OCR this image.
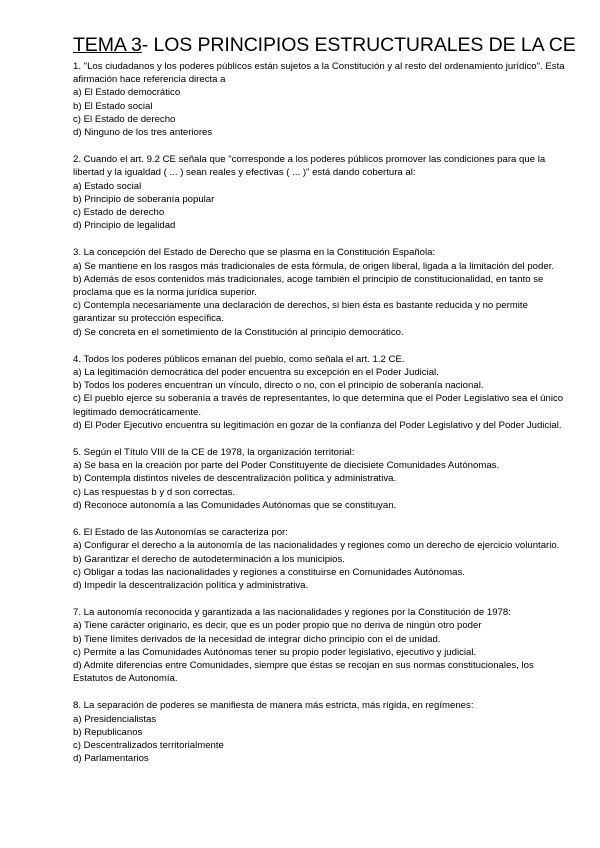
TEMA 3- LOS PRINCIPIOS ESTRUCTURALES DE LA CE

1. "Los ciudadanos y los poderes públicos están sujetos a la Constitución y al resto del ordenamiento jurídico". Esta afirmación hace referencia directa a

a) El Estado democrático

b) El Estado social

c) El Estado de derecho

d) Ninguno de los tres anteriores

2. Cuando el art. 9.2 CE señala que "corresponde a los poderes públicos promover las condiciones para que la libertad y la igualdad ( ... ) sean reales y efectivas ( ... )" está dando cobertura al:

a) Estado social

b) Principio de soberanía popular

c) Estado de derecho

d) Principio de legalidad

3. La concepción del Estado de Derecho que se plasma en la Constitución Española:

a) Se mantiene en los rasgos más tradicionales de esta fórmula, de origen liberal, ligada a la limitación del poder.

b) Además de esos contenidos más tradicionales, acoge también el principio de constitucionalidad, en tanto se proclama que es la norma jurídica superior.

c) Contempla necesariamente una declaración de derechos, si bien ésta es bastante reducida y no permite garantizar su protección específica.

d) Se concreta en el sometimiento de la Constitución al principio democrático.

4. Todos los poderes públicos emanan del pueblo, como señala el art. 1.2 CE.

a) La legitimación democrática del poder encuentra su excepción en el Poder Judicial.

b) Todos los poderes encuentran un vínculo, directo o no, con el principio de soberanía nacional.

c) El pueblo ejerce su soberanía a través de representantes, lo que determina que el Poder Legislativo sea el único legitimado democráticamente.

d) El Poder Ejecutivo encuentra su legitimación en gozar de la confianza del Poder Legislativo y del Poder Judicial.

5. Según el Título VIII de la CE de 1978, la organización territorial:

a) Se basa en la creación por parte del Poder Constituyente de diecisiete Comunidades Autónomas.

b) Contempla distintos niveles de descentralización política y administrativa.

c) Las respuestas b y d son correctas.

d) Reconoce autonomía a las Comunidades Autónomas que se constituyan.

6. El Estado de las Autonomías se caracteriza por:

a) Configurar el derecho a la autonomía de las nacionalidades y regiones como un derecho de ejercicio voluntario.

b) Garantizar el derecho de autodeterminación a los municipios.

c) Obligar a todas las nacionalidades y regiones a constituirse en Comunidades Autónomas.

d) Impedir la descentralización política y administrativa.

7. La autonomía reconocida y garantizada a las nacionalidades y regiones por la Constitución de 1978:

a) Tiene carácter originario, es decir, que es un poder propio que no deriva de ningún otro poder

b) Tiene límites derivados de la necesidad de integrar dicho principio con el de unidad.

c) Permite a las Comunidades Autónomas tener su propio poder legislativo, ejecutivo y judicial.

d) Admite diferencias entre Comunidades, siempre que éstas se recojan en sus normas constitucionales, los Estatutos de Autonomía.

8. La separación de poderes se manifiesta de manera más estricta, más rígida, en regímenes:

a) Presidencialistas

b) Republicanos

c) Descentralizados territorialmente

d) Parlamentarios
